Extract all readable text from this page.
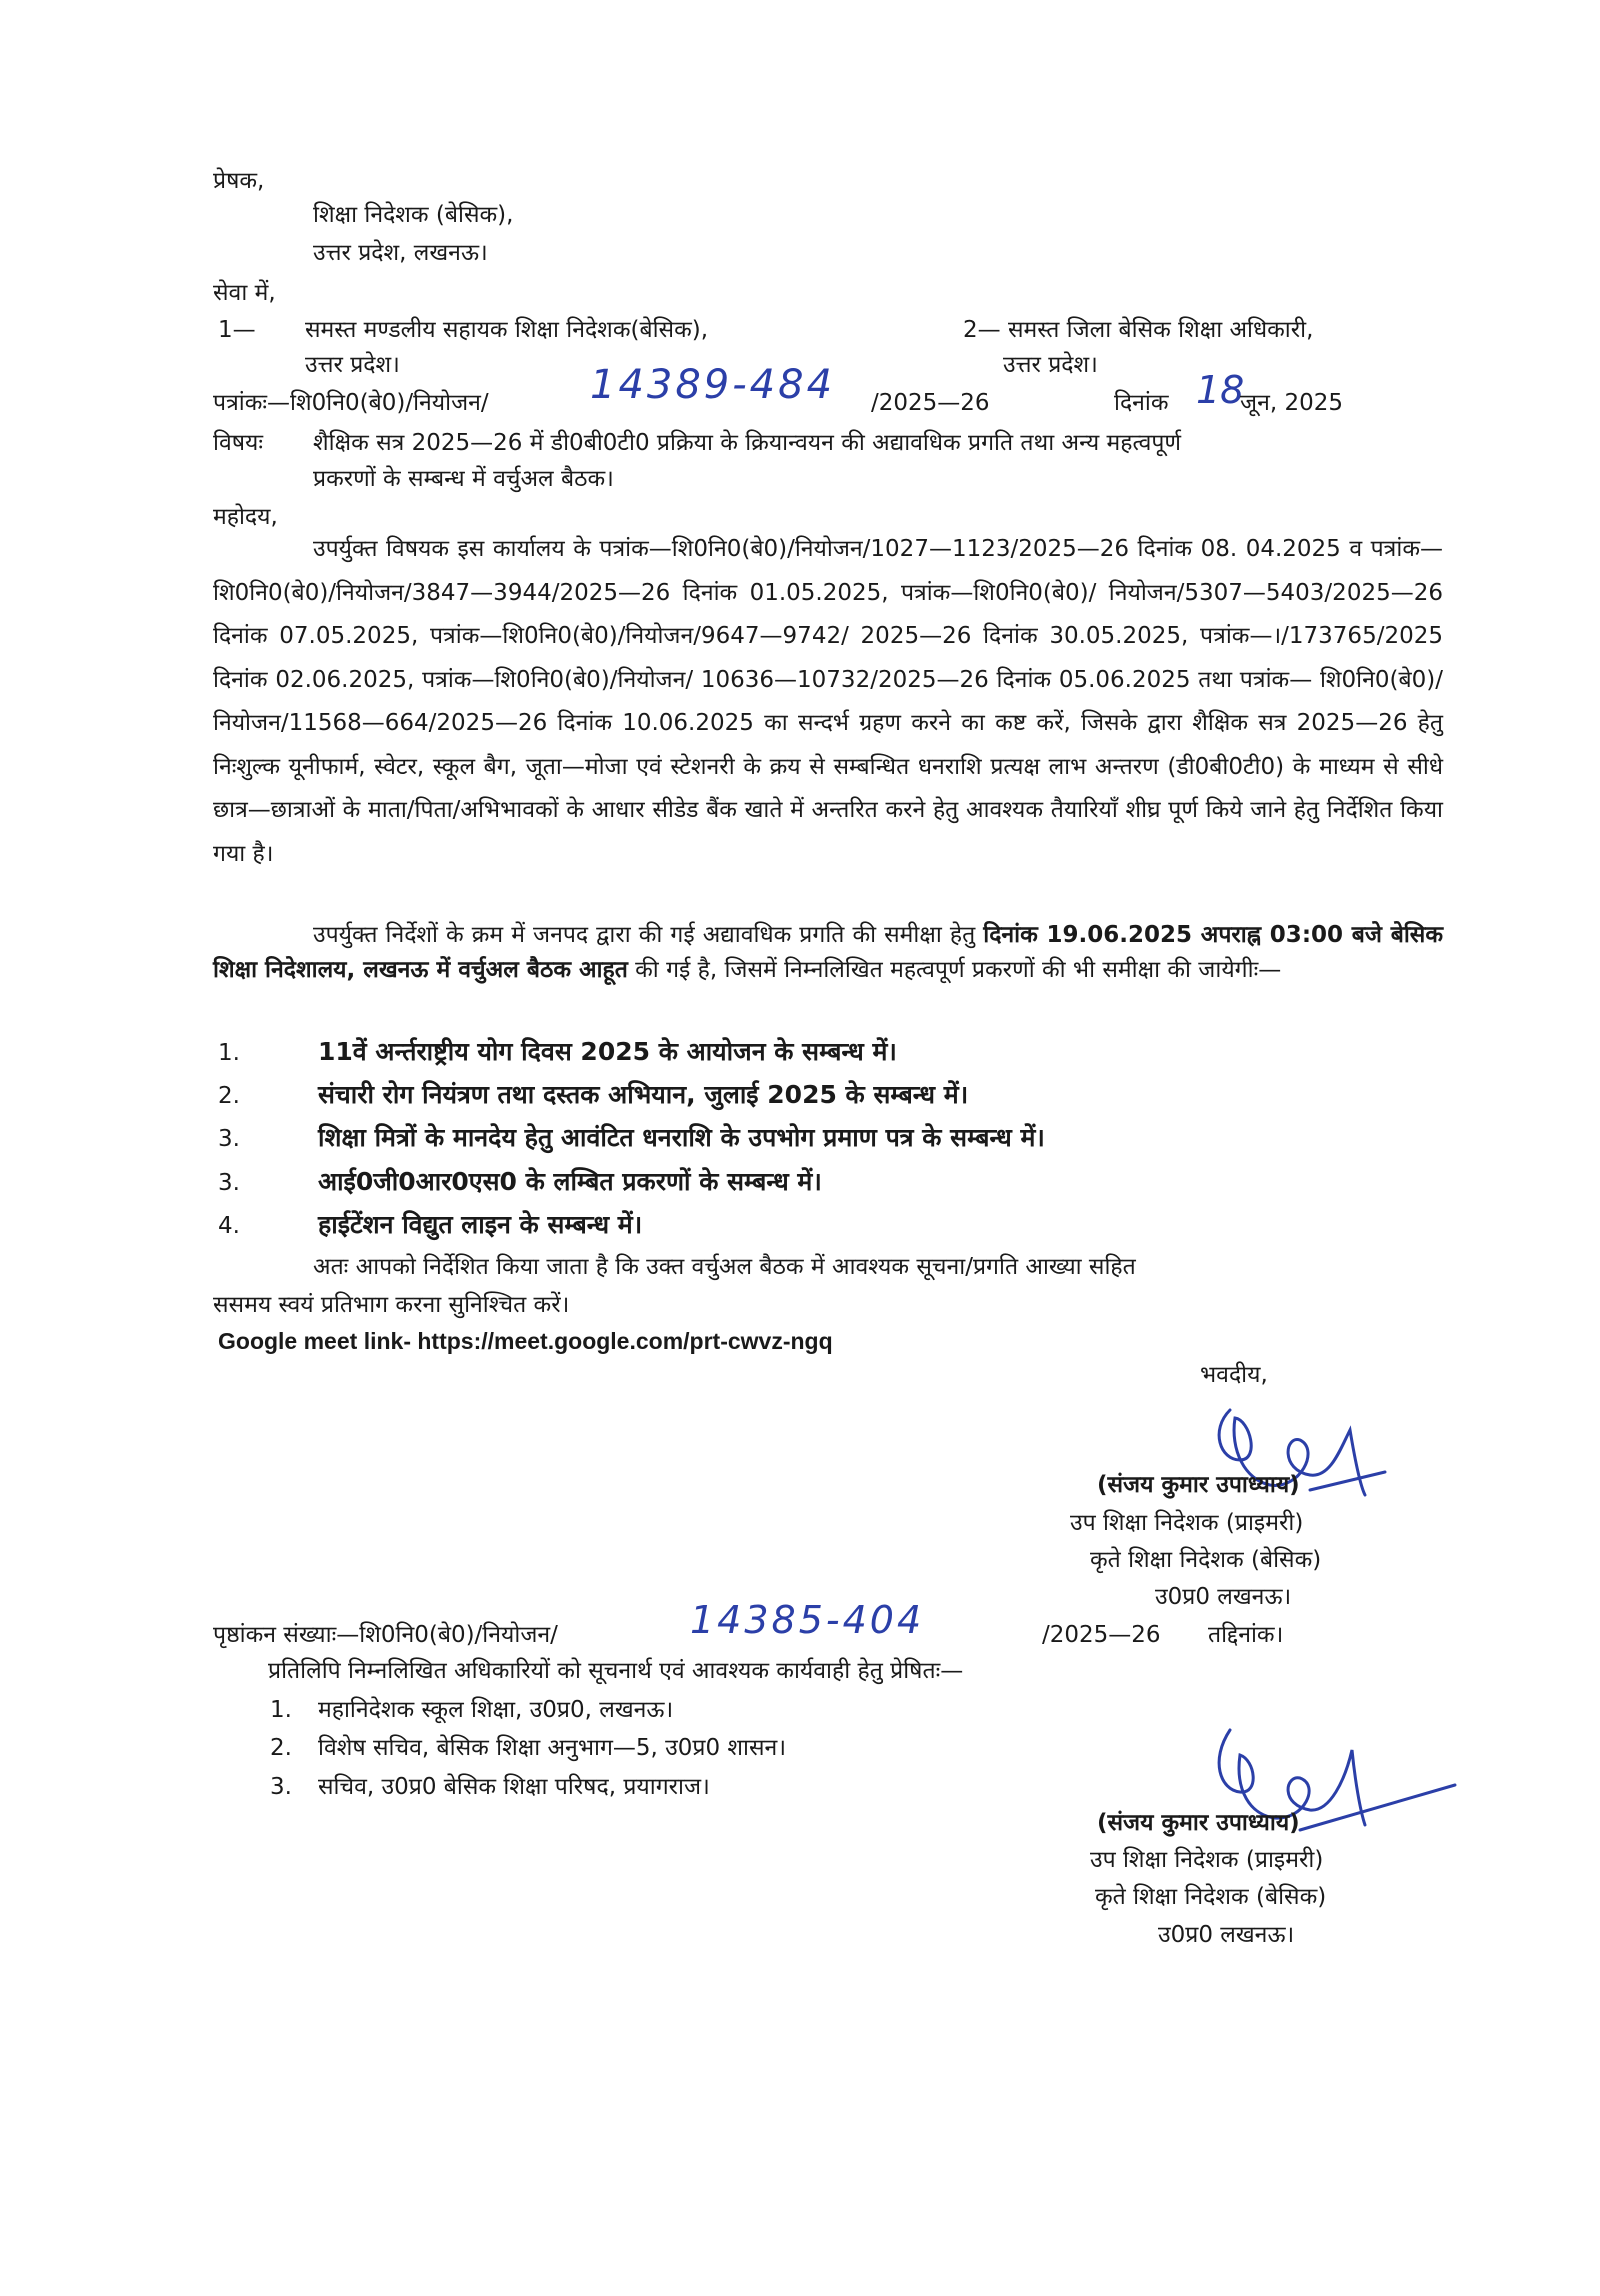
प्रेषक,
शिक्षा निदेशक (बेसिक),
उत्तर प्रदेश, लखनऊ।
सेवा में,
1— समस्त मण्डलीय सहायक शिक्षा निदेशक(बेसिक),
उत्तर प्रदेश।
2— समस्त जिला बेसिक शिक्षा अधिकारी,
उत्तर प्रदेश।
पत्रांकः—शि0नि0(बे0)/नियोजन/	14389-484 /2025—26	दिनांक 18
जून, 2025
विषयः शैक्षिक सत्र 2025—26 में डी0बी0टी0 प्रक्रिया के क्रियान्वयन की अद्यावधिक प्रगति तथा अन्य महत्वपूर्ण
प्रकरणों के सम्बन्ध में वर्चुअल बैठक।
महोदय,
उपर्युक्त विषयक इस कार्यालय के पत्रांक—शि0नि0(बे0)/नियोजन/1027—1123/2025—26 दिनांक 08. 04.2025 व पत्रांक—शि0नि0(बे0)/नियोजन/3847—3944/2025—26 दिनांक 01.05.2025, पत्रांक—शि0नि0(बे0)/ नियोजन/5307—5403/2025—26 दिनांक 07.05.2025, पत्रांक—शि0नि0(बे0)/नियोजन/9647—9742/ 2025—26 दिनांक 30.05.2025, पत्रांक—।/173765/2025 दिनांक 02.06.2025, पत्रांक—शि0नि0(बे0)/नियोजन/ 10636—10732/2025—26 दिनांक 05.06.2025 तथा पत्रांक— शि0नि0(बे0)/नियोजन/11568—664/2025—26 दिनांक 10.06.2025 का सन्दर्भ ग्रहण करने का कष्ट करें, जिसके द्वारा शैक्षिक सत्र 2025—26 हेतु निःशुल्क यूनीफार्म, स्वेटर, स्कूल बैग, जूता—मोजा एवं स्टेशनरी के क्रय से सम्बन्धित धनराशि प्रत्यक्ष लाभ अन्तरण (डी0बी0टी0) के माध्यम से सीधे छात्र—छात्राओं के माता/पिता/अभिभावकों के आधार सीडेड बैंक खाते में अन्तरित करने हेतु आवश्यक तैयारियाँ शीघ्र पूर्ण किये जाने हेतु निर्देशित किया गया है।
उपर्युक्त निर्देशों के क्रम में जनपद द्वारा की गई अद्यावधिक प्रगति की समीक्षा हेतु दिनांक 19.06.2025 अपराह्न 03:00 बजे बेसिक शिक्षा निदेशालय, लखनऊ में वर्चुअल बैठक आहूत की गई है, जिसमें निम्नलिखित महत्वपूर्ण प्रकरणों की भी समीक्षा की जायेगीः—
1.	11वें अर्न्तराष्ट्रीय योग दिवस 2025 के आयोजन के सम्बन्ध में।
2.	संचारी रोग नियंत्रण तथा दस्तक अभियान, जुलाई 2025 के सम्बन्ध में।
3.	शिक्षा मित्रों के मानदेय हेतु आवंटित धनराशि के उपभोग प्रमाण पत्र के सम्बन्ध में।
3.	आई0जी0आर0एस0 के लम्बित प्रकरणों के सम्बन्ध में।
4.	हाईटेंशन विद्युत लाइन के सम्बन्ध में।
अतः आपको निर्देशित किया जाता है कि उक्त वर्चुअल बैठक में आवश्यक सूचना/प्रगति आख्या सहित
ससमय स्वयं प्रतिभाग करना सुनिश्चित करें।
Google meet link- https://meet.google.com/prt-cwvz-ngq
भवदीय,
(संजय कुमार उपाध्याय)
उप शिक्षा निदेशक (प्राइमरी)
कृते शिक्षा निदेशक (बेसिक)
उ0प्र0 लखनऊ।
पृष्ठांकन संख्याः—शि0नि0(बे0)/नियोजन/	14385-404	/2025—26 तद्दिनांक।
प्रतिलिपि निम्नलिखित अधिकारियों को सूचनार्थ एवं आवश्यक कार्यवाही हेतु प्रेषितः—
1. महानिदेशक स्कूल शिक्षा, उ0प्र0, लखनऊ।
2. विशेष सचिव, बेसिक शिक्षा अनुभाग—5, उ0प्र0 शासन।
3. सचिव, उ0प्र0 बेसिक शिक्षा परिषद, प्रयागराज।
(संजय कुमार उपाध्याय)
उप शिक्षा निदेशक (प्राइमरी)
कृते शिक्षा निदेशक (बेसिक)
उ0प्र0 लखनऊ।
